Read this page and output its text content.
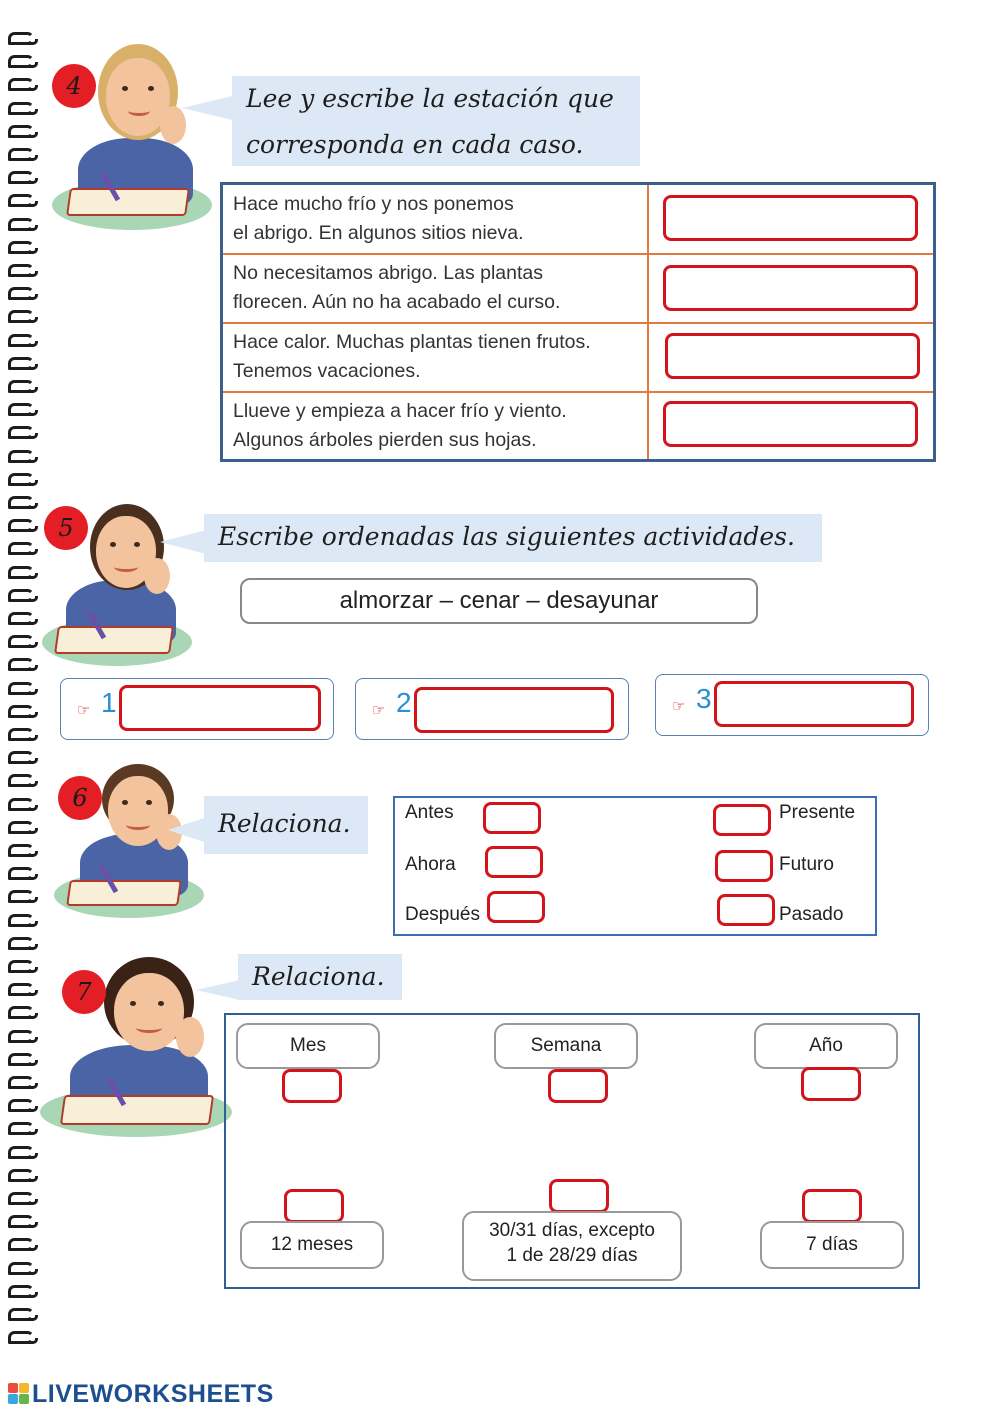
4	Lee y escribe la estación que
corresponda en cada caso.
Hace mucho frío y nos ponemos
el abrigo. En algunos sitios nieva.
No necesitamos abrigo. Las plantas
florecen. Aún no ha acabado el curso.
Hace calor. Muchas plantas tienen frutos.
Tenemos vacaciones.
Llueve y empieza a hacer frío y viento.
Algunos árboles pierden sus hojas.
5	Escribe ordenadas las siguientes actividades.
almorzar – cenar – desayunar
☞ 1	☞ 2	☞ 3
6
Relaciona.	Antes
Ahora
Después
Presente
Futuro
Pasado
7
Relaciona.
Mes	Semana	Año
12 meses
30/31 días, excepto
1 de 28/29 días
7 días
LIVEWORKSHEETS
